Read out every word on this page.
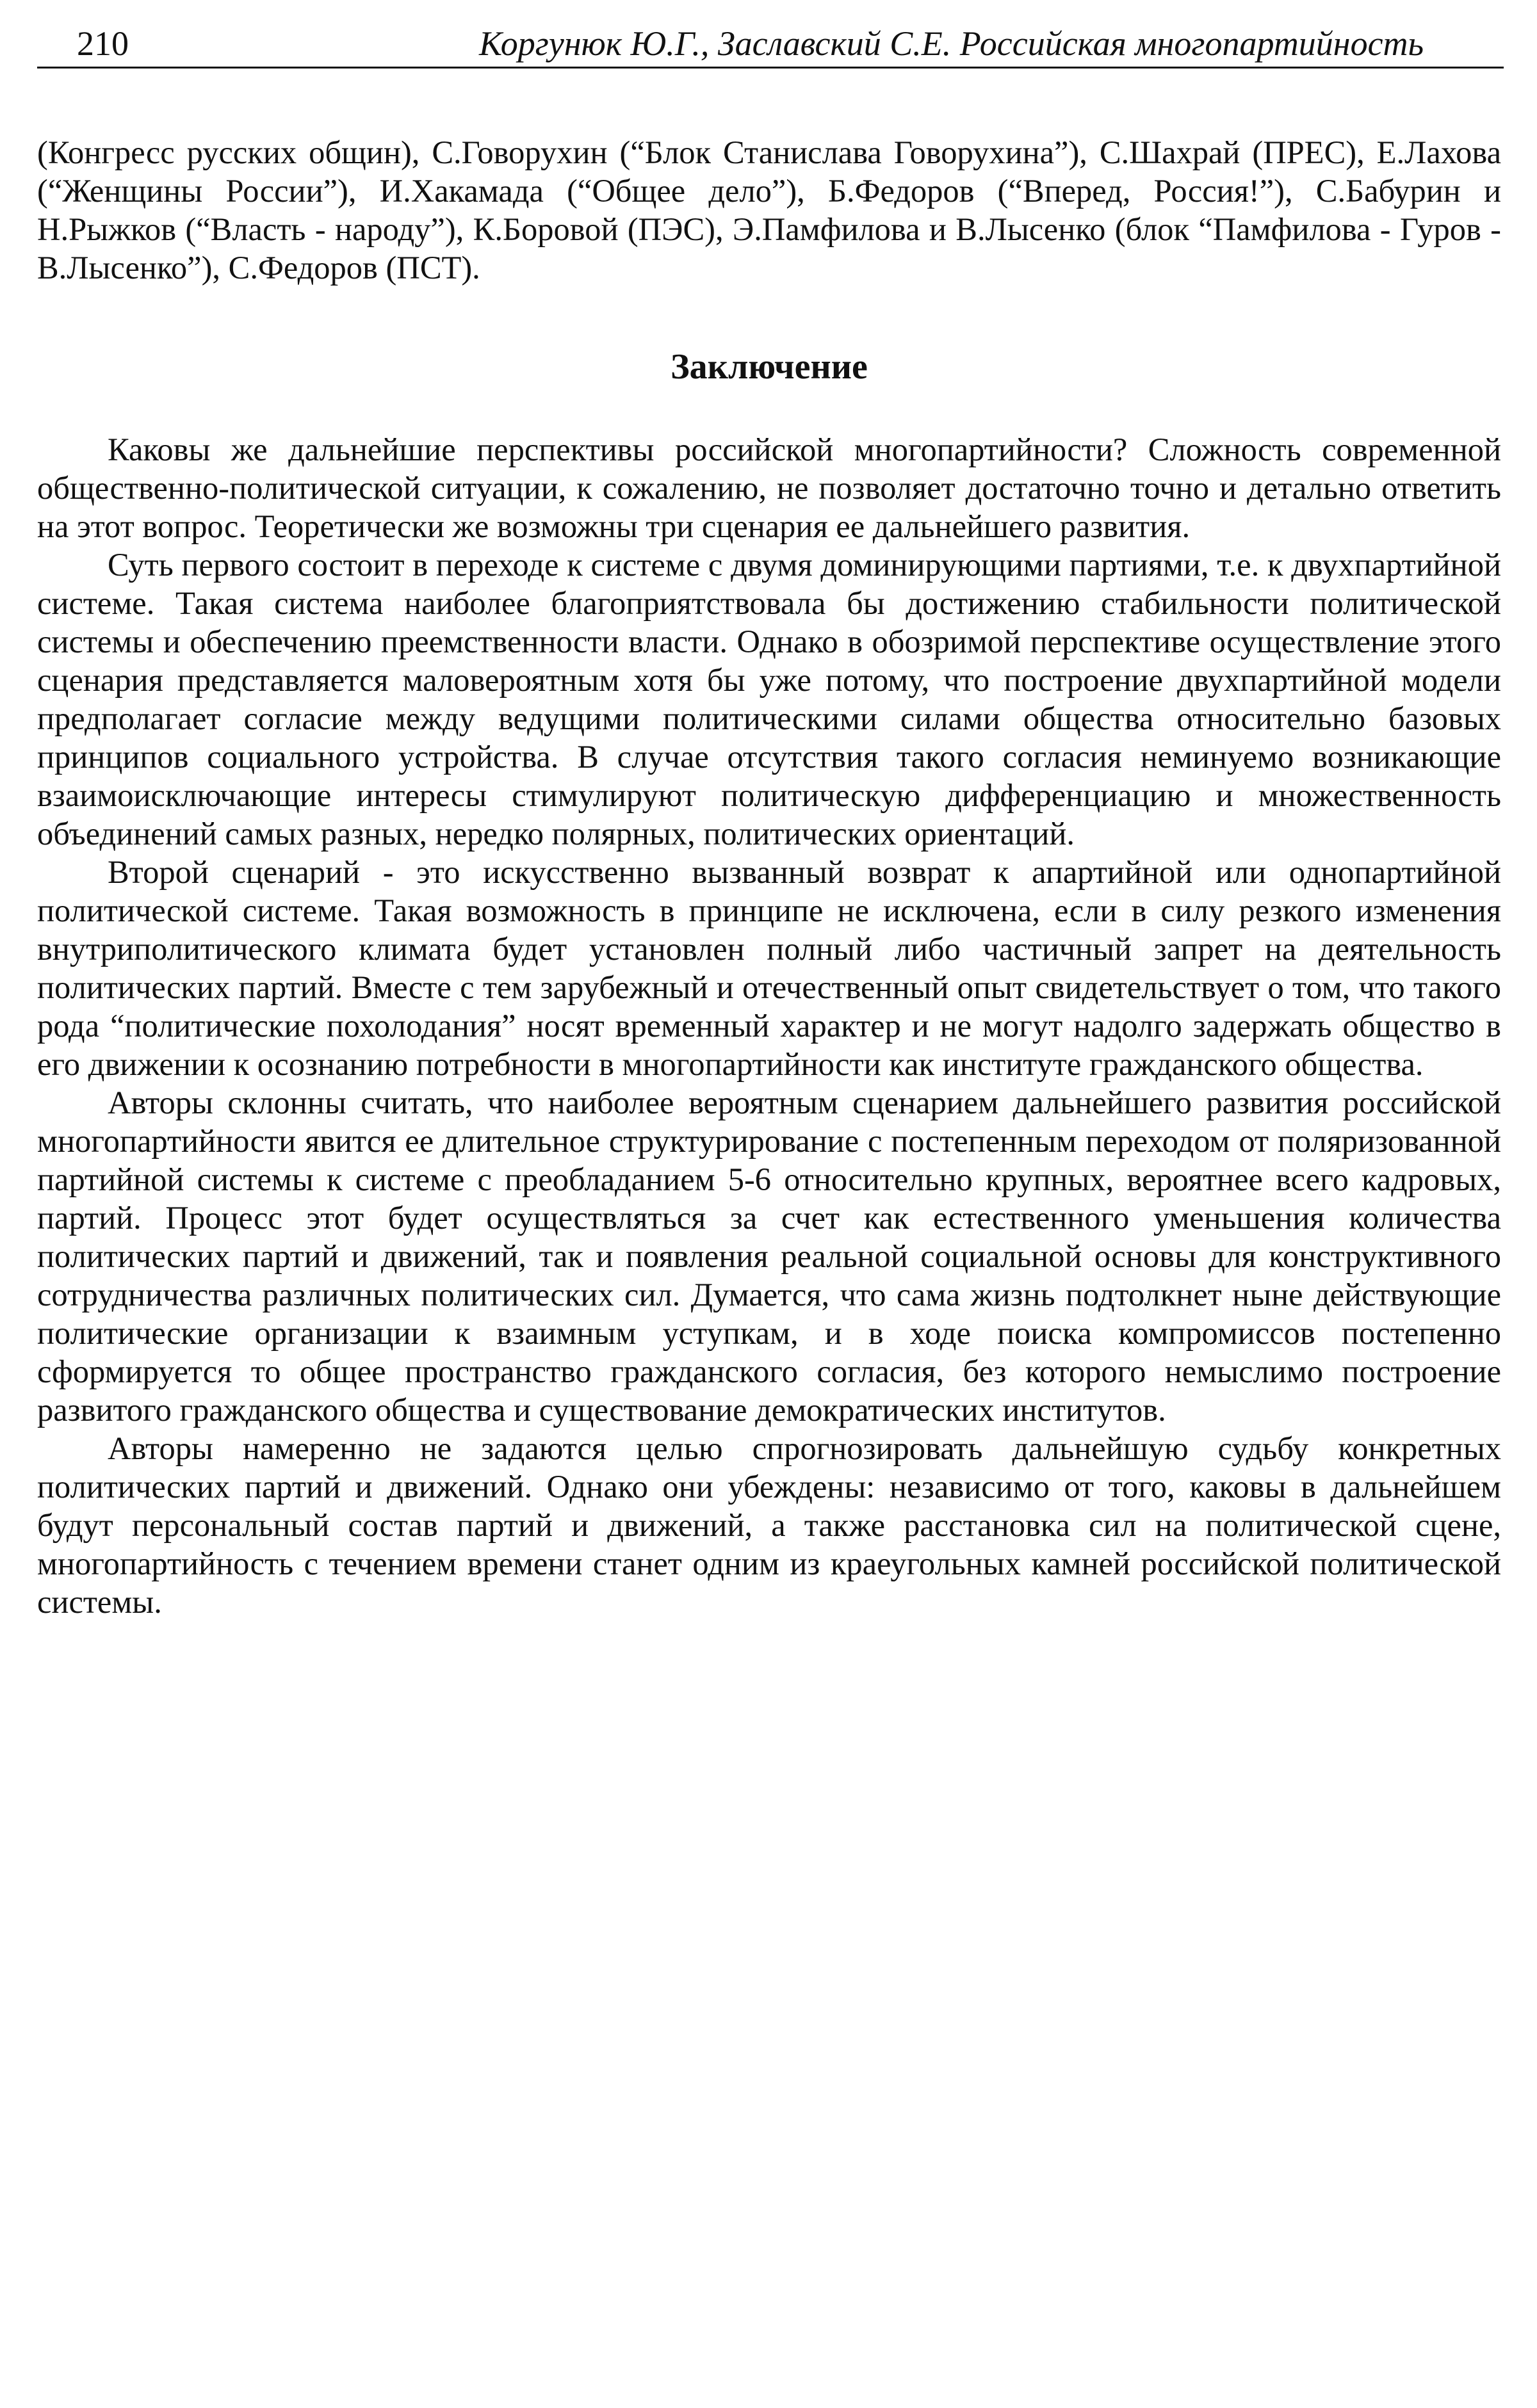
210	Коргунюк Ю.Г., Заславский С.Е. Российская многопартийность

(Конгресс русских общин), С.Говорухин (“Блок Станислава Говорухина”), С.Шахрай (ПРЕС), Е.Лахова (“Женщины России”), И.Хакамада (“Общее дело”), Б.Федоров (“Вперед, Россия!”), С.Бабурин и Н.Рыжков (“Власть - народу”), К.Боровой (ПЭС), Э.Памфилова и В.Лысенко (блок “Памфилова - Гуров - В.Лысенко”), С.Федоров (ПСТ).

Заключение

Каковы же дальнейшие перспективы российской многопартийности? Сложность современной общественно-политической ситуации, к сожалению, не позволяет достаточно точно и детально ответить на этот вопрос. Теоретически же возможны три сценария ее дальнейшего развития.

Суть первого состоит в переходе к системе с двумя доминирующими партиями, т.е. к двухпартийной системе. Такая система наиболее благоприятствовала бы достижению стабильности политической системы и обеспечению преемственности власти. Однако в обозримой перспективе осуществление этого сценария представляется маловероятным хотя бы уже потому, что построение двухпартийной модели предполагает согласие между ведущими политическими силами общества относительно базовых принципов социального устройства. В случае отсутствия такого согласия неминуемо возникающие взаимоисключающие интересы стимулируют политическую дифференциацию и множественность объединений самых разных, нередко полярных, политических ориентаций.

Второй сценарий - это искусственно вызванный возврат к апартийной или однопартийной политической системе. Такая возможность в принципе не исключена, если в силу резкого изменения внутриполитического климата будет установлен полный либо частичный запрет на деятельность политических партий. Вместе с тем зарубежный и отечественный опыт свидетельствует о том, что такого рода “политические похолодания” носят временный характер и не могут надолго задержать общество в его движении к осознанию потребности в многопартийности как институте гражданского общества.

Авторы склонны считать, что наиболее вероятным сценарием дальнейшего развития российской многопартийности явится ее длительное структурирование с постепенным переходом от поляризованной партийной системы к системе с преобладанием 5-6 относительно крупных, вероятнее всего кадровых, партий. Процесс этот будет осуществляться за счет как естественного уменьшения количества политических партий и движений, так и появления реальной социальной основы для конструктивного сотрудничества различных политических сил. Думается, что сама жизнь подтолкнет ныне действующие политические организации к взаимным уступкам, и в ходе поиска компромиссов постепенно сформируется то общее пространство гражданского согласия, без которого немыслимо построение развитого гражданского общества и существование демократических институтов.

Авторы намеренно не задаются целью спрогнозировать дальнейшую судьбу конкретных политических партий и движений. Однако они убеждены: независимо от того, каковы в дальнейшем будут персональный состав партий и движений, а также расстановка сил на политической сцене, многопартийность с течением времени станет одним из краеугольных камней российской политической системы.
